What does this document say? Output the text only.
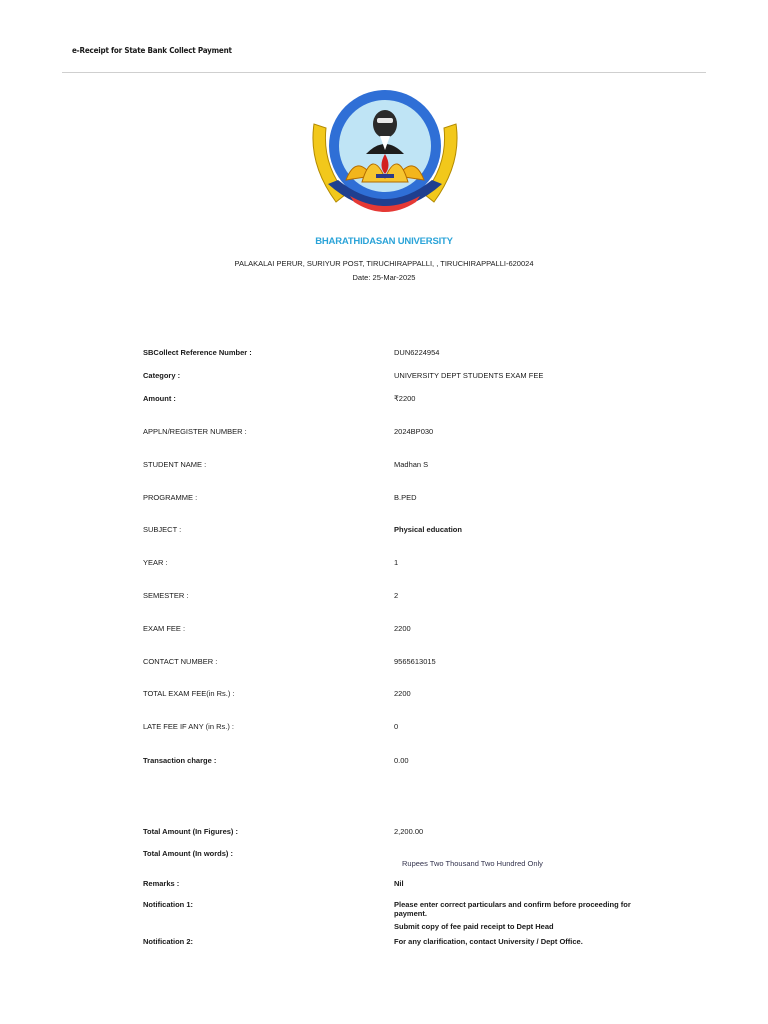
e-Receipt for State Bank Collect Payment
BHARATHIDASAN UNIVERSITY
PALAKALAI PERUR, SURIYUR POST, TIRUCHIRAPPALLI, , TIRUCHIRAPPALLI-620024
Date: 25-Mar-2025
SBCollect Reference Number :	DUN6224954
Category :	UNIVERSITY DEPT STUDENTS EXAM FEE
Amount :	₹2200
APPLN/REGISTER NUMBER :	2024BP030
STUDENT NAME :	Madhan S
PROGRAMME :	B.PED
SUBJECT :	Physical education
YEAR :	1
SEMESTER :	2
EXAM FEE :	2200
CONTACT NUMBER :	9565613015
TOTAL EXAM FEE(in Rs.) :	2200
LATE FEE IF ANY (in Rs.) :	0
Transaction charge :	0.00
Total Amount (In Figures) :	2,200.00
Total Amount (In words) :
Rupees Two Thousand Two Hundred Only
Remarks :	Nil
Notification 1:	Please enter correct particulars and confirm before proceeding for payment.
Submit copy of fee paid receipt to Dept Head
Notification 2:	For any clarification, contact University / Dept Office.
